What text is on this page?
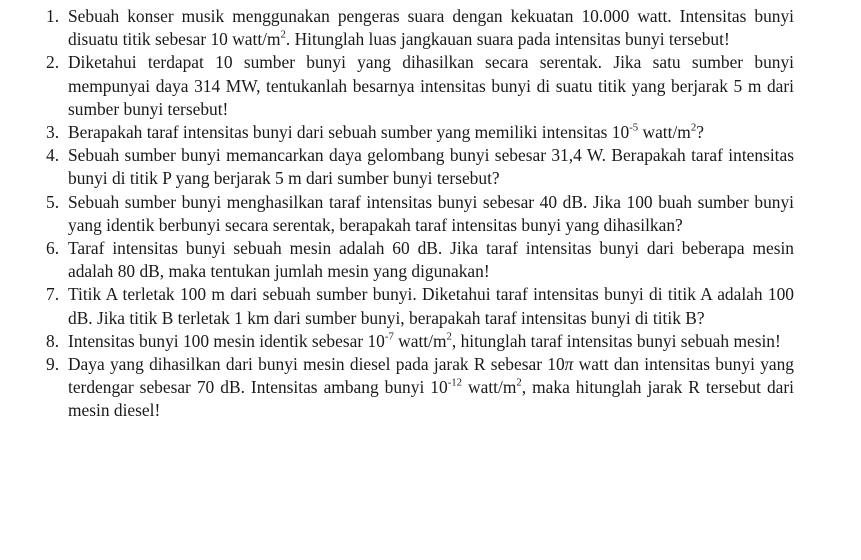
1. Sebuah konser musik menggunakan pengeras suara dengan kekuatan 10.000 watt. Intensitas bunyi disuatu titik sebesar 10 watt/$m^2$. Hitunglah luas jangkauan suara pada intensitas bunyi tersebut!
2. Diketahui terdapat 10 sumber bunyi yang dihasilkan secara serentak. Jika satu sumber bunyi mempunyai daya 314 MW, tentukanlah besarnya intensitas bunyi di suatu titik yang berjarak 5 m dari sumber bunyi tersebut!
3. Berapakah taraf intensitas bunyi dari sebuah sumber yang memiliki intensitas $10^{-5}$ watt/$m^2$?
4. Sebuah sumber bunyi memancarkan daya gelombang bunyi sebesar 31,4 W. Berapakah taraf intensitas bunyi di titik P yang berjarak 5 m dari sumber bunyi tersebut?
5. Sebuah sumber bunyi menghasilkan taraf intensitas bunyi sebesar 40 dB. Jika 100 buah sumber bunyi yang identik berbunyi secara serentak, berapakah taraf intensitas bunyi yang dihasilkan?
6. Taraf intensitas bunyi sebuah mesin adalah 60 dB. Jika taraf intensitas bunyi dari beberapa mesin adalah 80 dB, maka tentukan jumlah mesin yang digunakan!
7. Titik A terletak 100 m dari sebuah sumber bunyi. Diketahui taraf intensitas bunyi di titik A adalah 100 dB. Jika titik B terletak 1 km dari sumber bunyi, berapakah taraf intensitas bunyi di titik B?
8. Intensitas bunyi 100 mesin identik sebesar $10^{-7}$ watt/$m^2$, hitunglah taraf intensitas bunyi sebuah mesin!
9. Daya yang dihasilkan dari bunyi mesin diesel pada jarak R sebesar 10π watt dan intensitas bunyi yang terdengar sebesar 70 dB. Intensitas ambang bunyi $10^{-12}$ watt/$m^2$, maka hitunglah jarak R tersebut dari mesin diesel!
